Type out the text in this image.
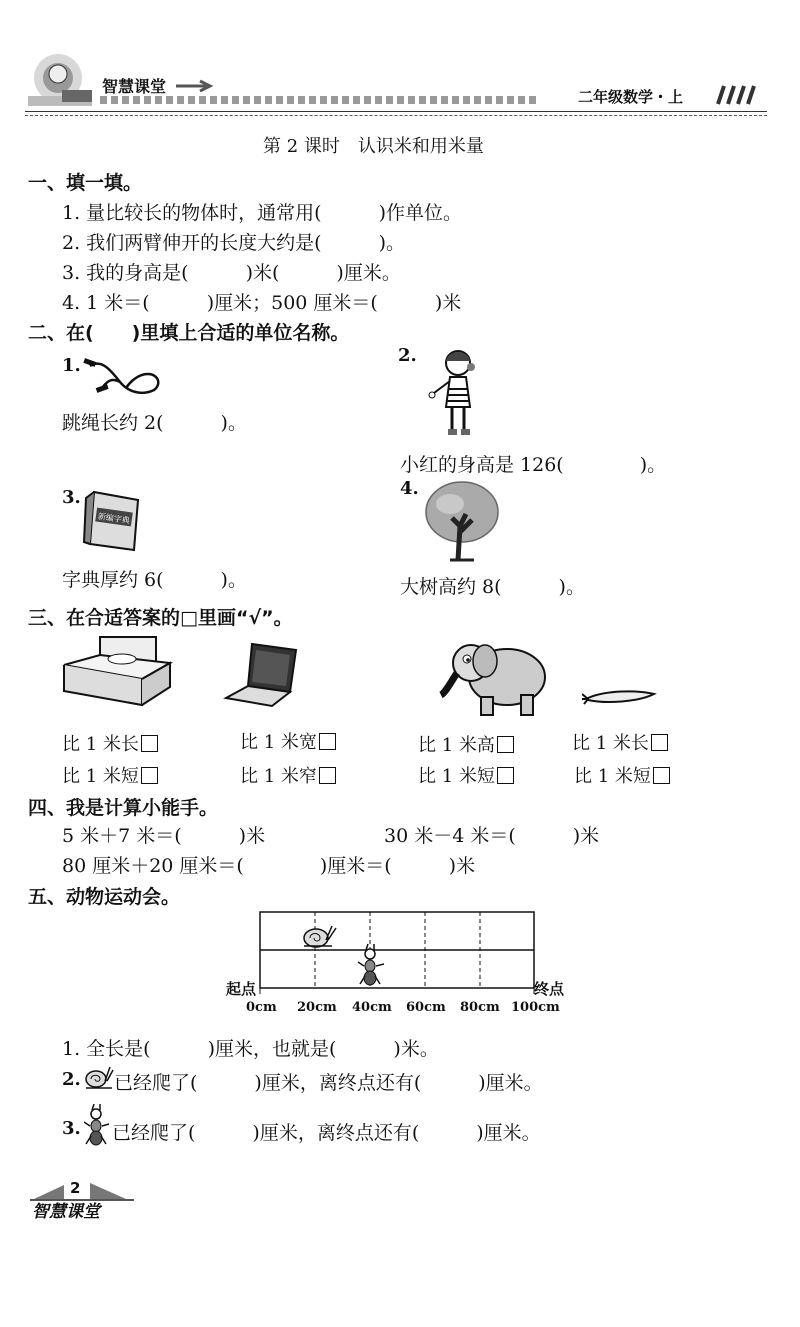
智慧课堂
二年级数学・上
第 2 课时　认识米和用米量
一、填一填。
1. 量比较长的物体时，通常用(　　　)作单位。
2. 我们两臂伸开的长度大约是(　　　)。
3. 我的身高是(　　　)米(　　　)厘米。
4. 1 米＝(　　　)厘米；500 厘米＝(　　　)米
二、在(　　)里填上合适的单位名称。
1.
跳绳长约 2(　　　)。
2.
小红的身高是 126(　　　　)。
3.
新编字典
字典厚约 6(　　　)。
4.
大树高约 8(　　　)。
三、在合适答案的□里画“√”。
比 1 米长
比 1 米短
比 1 米宽
比 1 米窄
比 1 米高
比 1 米短
比 1 米长
比 1 米短
四、我是计算小能手。
5 米＋7 米＝(　　　)米	30 米－4 米＝(　　　)米
80 厘米＋20 厘米＝(　　　　)厘米＝(　　　)米
五、动物运动会。
起点	终点
0cm 20cm 40cm 60cm 80cm 100cm
1. 全长是(　　　)厘米，也就是(　　　)米。
2. 已经爬了(　　　)厘米，离终点还有(　　　)厘米。
3. 已经爬了(　　　)厘米，离终点还有(　　　)厘米。
2
智慧课堂
